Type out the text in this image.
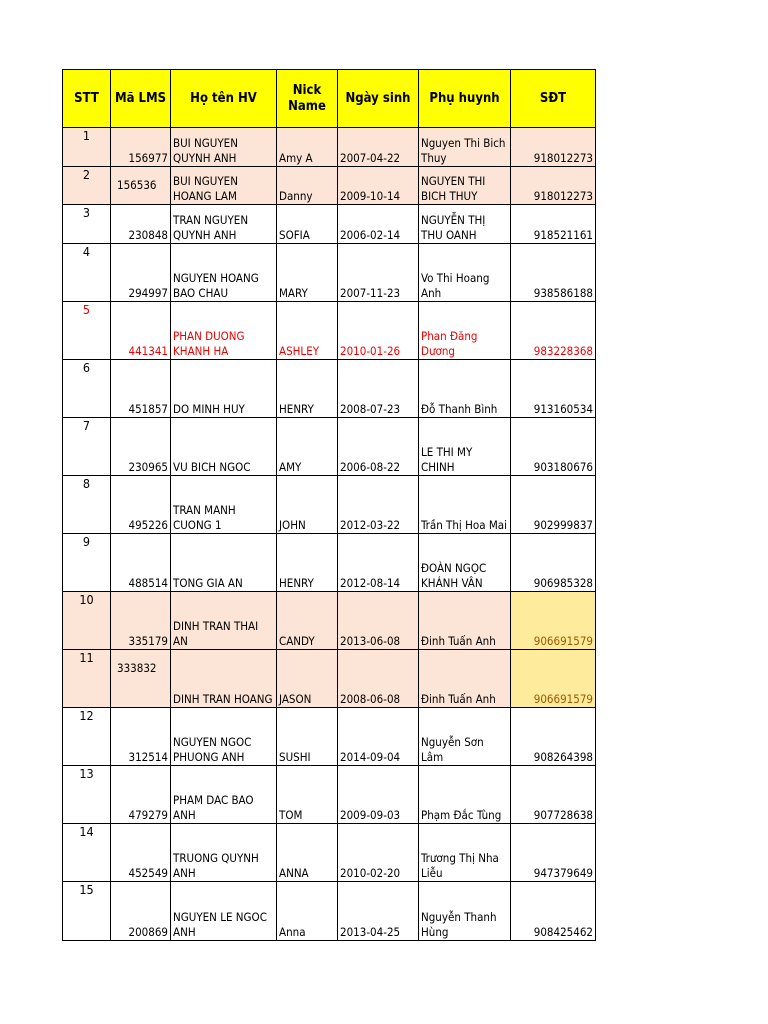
STT	Mã LMS	Họ tên HV	Nick Name	Ngày sinh	Phụ huynh	SĐT
1	156977	BUI NGUYEN QUYNH ANH	Amy A	2007-04-22	Nguyen Thi Bich Thuy	918012273
2	156536	BUI NGUYEN HOANG LAM	Danny	2009-10-14	NGUYEN THI BICH THUY	918012273
3	230848	TRAN NGUYEN QUYNH ANH	SOFIA	2006-02-14	NGUYỄN THỊ THU OANH	918521161
4	294997	NGUYEN HOANG BAO CHAU	MARY	2007-11-23	Vo Thi Hoang Anh	938586188
5	441341	PHAN DUONG KHANH HA	ASHLEY	2010-01-26	Phan Đăng Dương	983228368
6	451857	DO MINH HUY	HENRY	2008-07-23	Đỗ Thanh Bình	913160534
7	230965	VU BICH NGOC	AMY	2006-08-22	LE THI MY CHINH	903180676
8	495226	TRAN MANH CUONG 1	JOHN	2012-03-22	Trần Thị Hoa Mai	902999837
9	488514	TONG GIA AN	HENRY	2012-08-14	ĐOÀN NGỌC KHÁNH VÂN	906985328
10	335179	DINH TRAN THAI AN	CANDY	2013-06-08	Đinh Tuấn Anh	906691579
11	333832	DINH TRAN HOANG	JASON	2008-06-08	Đinh Tuấn Anh	906691579
12	312514	NGUYEN NGOC PHUONG ANH	SUSHI	2014-09-04	Nguyễn Sơn Lâm	908264398
13	479279	PHAM DAC BAO ANH	TOM	2009-09-03	Phạm Đắc Tùng	907728638
14	452549	TRUONG QUYNH ANH	ANNA	2010-02-20	Trương Thị Nha Liễu	947379649
15	200869	NGUYEN LE NGOC ANH	Anna	2013-04-25	Nguyễn Thanh Hùng	908425462
